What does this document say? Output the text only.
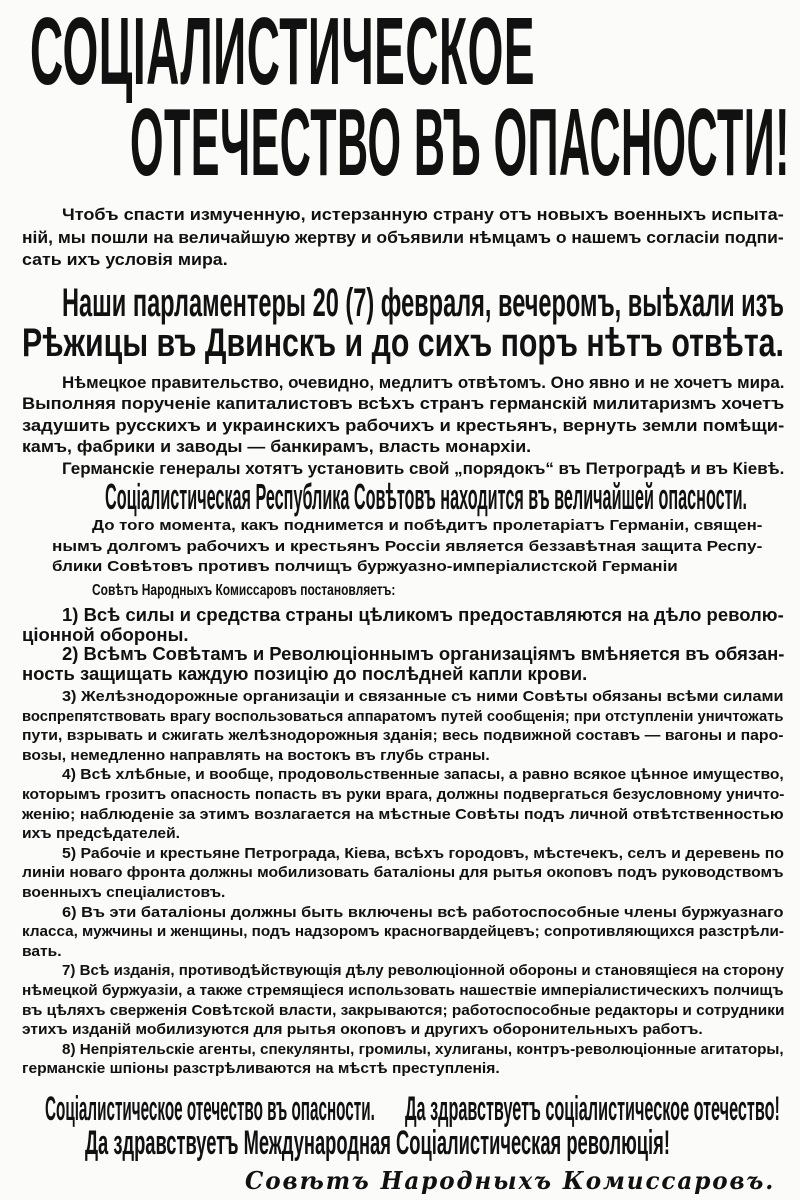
СОЦІАЛИСТИЧЕСКОЕ
ОТЕЧЕСТВО ВЪ ОПАСНОСТИ!
Чтобъ спасти измученную, истерзанную страну отъ новыхъ военныхъ испыта-
ній, мы пошли на величайшую жертву и объявили нѣмцамъ о нашемъ согласіи подпи-
сать ихъ условія мира.
Наши парламентеры 20 (7) февраля, вечеромъ, выѣхали изъ
Рѣжицы въ Двинскъ и до сихъ поръ нѣтъ отвѣта.
Нѣмецкое правительство, очевидно, медлитъ отвѣтомъ. Оно явно и не хочетъ мира.
Выполняя порученіе капиталистовъ всѣхъ странъ германскій милитаризмъ хочетъ
задушить русскихъ и украинскихъ рабочихъ и крестьянъ, вернуть земли помѣщи-
камъ, фабрики и заводы — банкирамъ, власть монархіи.
Германскіе генералы хотятъ установить свой „порядокъ“ въ Петроградѣ и въ Кіевѣ.
Соціалистическая Республика Совѣтовъ находится въ величайшей опасности.
До того момента, какъ поднимется и побѣдитъ пролетаріатъ Германіи, священ-
нымъ долгомъ рабочихъ и крестьянъ Россіи является беззавѣтная защита Респу-
блики Совѣтовъ противъ полчищъ буржуазно-имперіалистской Германіи
Совѣтъ Народныхъ Комиссаровъ постановляетъ:
1) Всѣ силы и средства страны цѣликомъ предоставляются на дѣло револю-
ціонной обороны.
2) Всѣмъ Совѣтамъ и Революціоннымъ организаціямъ вмѣняется въ обязан-
ность защищать каждую позицію до послѣдней капли крови.
3) Желѣзнодорожные организаціи и связанные съ ними Совѣты обязаны всѣми силами
воспрепятствовать врагу воспользоваться аппаратомъ путей сообщенія; при отступленіи уничтожать
пути, взрывать и сжигать желѣзнодорожныя зданія; весь подвижной составъ — вагоны и паро-
возы, немедленно направлять на востокъ въ глубь страны.
4) Всѣ хлѣбные, и вообще, продовольственные запасы, а равно всякое цѣнное имущество,
которымъ грозитъ опасность попасть въ руки врага, должны подвергаться безусловному уничто-
женію; наблюденіе за этимъ возлагается на мѣстные Совѣты подъ личной отвѣтственностью
ихъ предсѣдателей.
5) Рабочіе и крестьяне Петрограда, Кіева, всѣхъ городовъ, мѣстечекъ, селъ и деревень по
линіи новаго фронта должны мобилизовать баталіоны для рытья окоповъ подъ руководствомъ
военныхъ спеціалистовъ.
6) Въ эти баталіоны должны быть включены всѣ работоспособные члены буржуазнаго
класса, мужчины и женщины, подъ надзоромъ красногвардейцевъ; сопротивляющихся разстрѣли-
вать.
7) Всѣ изданія, противодѣйствующія дѣлу революціонной обороны и становящіеся на сторону
нѣмецкой буржуазіи, а также стремящіеся использовать нашествіе имперіалистическихъ полчищъ
въ цѣляхъ сверженія Совѣтской власти, закрываются; работоспособные редакторы и сотрудники
этихъ изданій мобилизуются для рытья окоповъ и другихъ оборонительныхъ работъ.
8) Непріятельскіе агенты, спекулянты, громилы, хулиганы, контръ-революціонные агитаторы,
германскіе шпіоны разстрѣливаются на мѣстѣ преступленія.
Соціалистическое отечество въ опасности. Да здравствуетъ соціалистическое отечество!
Да здравствуетъ Международная Соціалистическая революція!
Совѣтъ Народныхъ Комиссаровъ.
